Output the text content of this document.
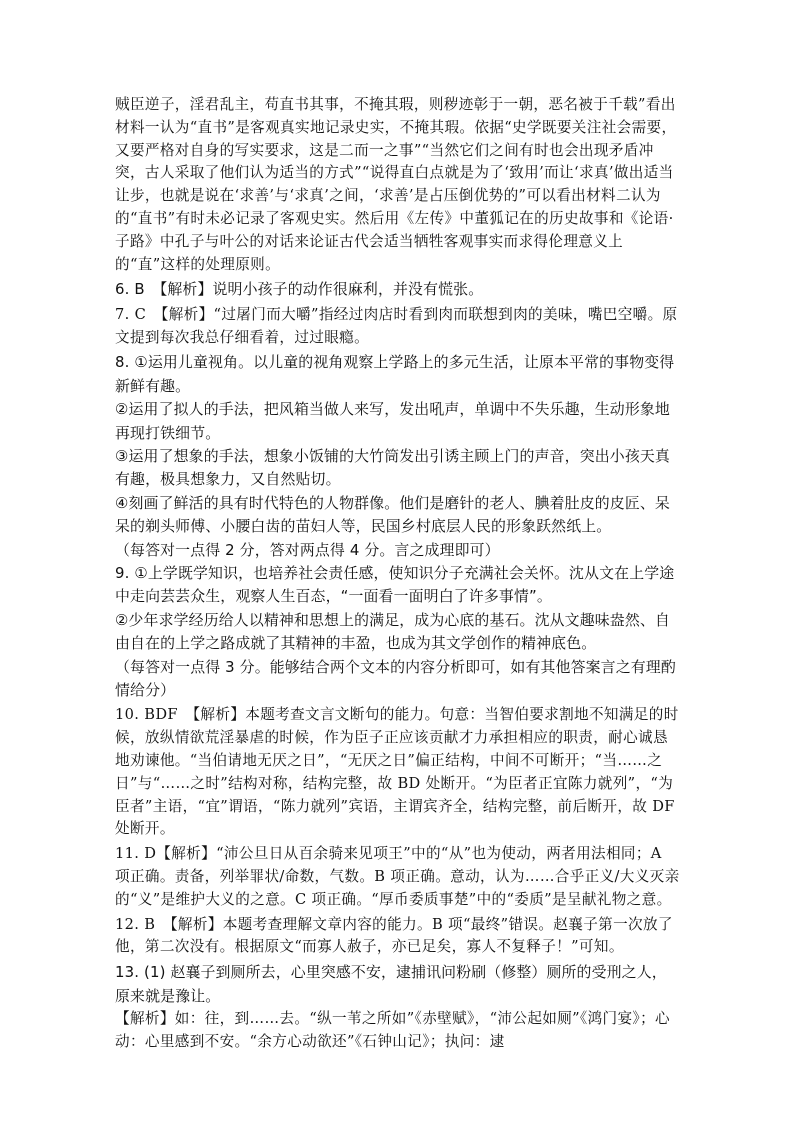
贼臣逆子，淫君乱主，苟直书其事，不掩其瑕，则秽迹彰于一朝，恶名被于千载”看出材料一认为“直书”是客观真实地记录史实，不掩其瑕。依据“史学既要关注社会需要，又要严格对自身的写实要求，这是二而一之事”“当然它们之间有时也会出现矛盾冲突，古人采取了他们认为适当的方式”“说得直白点就是为了‘致用’而让‘求真’做出适当让步，也就是说在‘求善’与‘求真’之间，‘求善’是占压倒优势的”可以看出材料二认为的“直书”有时未必记录了客观史实。然后用《左传》中董狐记在的历史故事和《论语·子路》中孔子与叶公的对话来论证古代会适当牺牲客观事实而求得伦理意义上的“直”这样的处理原则。

6. B　【解析】说明小孩子的动作很麻利，并没有慌张。

7. C　【解析】“过屠门而大嚼”指经过肉店时看到肉而联想到肉的美味，嘴巴空嚼。原文提到每次我总仔细看着，过过眼瘾。

8. ①运用儿童视角。以儿童的视角观察上学路上的多元生活，让原本平常的事物变得新鲜有趣。

②运用了拟人的手法，把风箱当做人来写，发出吼声，单调中不失乐趣，生动形象地再现打铁细节。

③运用了想象的手法，想象小饭铺的大竹筒发出引诱主顾上门的声音，突出小孩天真有趣，极具想象力，又自然贴切。

④刻画了鲜活的具有时代特色的人物群像。他们是磨针的老人、腆着肚皮的皮匠、呆呆的剃头师傅、小腰白齿的苗妇人等，民国乡村底层人民的形象跃然纸上。

（每答对一点得 2 分，答对两点得 4 分。言之成理即可）

9. ①上学既学知识，也培养社会责任感，使知识分子充满社会关怀。沈从文在上学途中走向芸芸众生，观察人生百态，“一面看一面明白了许多事情”。

②少年求学经历给人以精神和思想上的满足，成为心底的基石。沈从文趣味盎然、自由自在的上学之路成就了其精神的丰盈，也成为其文学创作的精神底色。

（每答对一点得 3 分。能够结合两个文本的内容分析即可，如有其他答案言之有理酌情给分）

10. BDF　【解析】本题考查文言文断句的能力。句意：当智伯要求割地不知满足的时候，放纵情欲荒淫暴虐的时候，作为臣子正应该贡献才力承担相应的职责，耐心诚恳地劝谏他。“当伯请地无厌之日”，“无厌之日”偏正结构，中间不可断开；“当……之日”与“……之时”结构对称，结构完整，故 BD 处断开。“为臣者正宜陈力就列”，“为臣者”主语，“宜”谓语，“陈力就列”宾语，主谓宾齐全，结构完整，前后断开，故 DF 处断开。

11. D【解析】“沛公旦日从百余骑来见项王”中的“从”也为使动，两者用法相同；A 项正确。责备，列举罪状/命数，气数。B 项正确。意动，认为……合乎正义/大义灭亲的“义”是维护大义的之意。C 项正确。“厚币委质事楚”中的“委质”是呈献礼物之意。

12. B　【解析】本题考查理解文章内容的能力。B 项“最终”错误。赵襄子第一次放了他，第二次没有。根据原文“而寡人赦子，亦已足矣，寡人不复释子！”可知。

13. (1) 赵襄子到厕所去，心里突感不安，逮捕讯问粉刷（修整）厕所的受刑之人，原来就是豫让。

【解析】如：往，到……去。“纵一苇之所如”《赤壁赋》，“沛公起如厕”《鸿门宴》；心动：心里感到不安。“余方心动欲还”《石钟山记》；执问：逮
